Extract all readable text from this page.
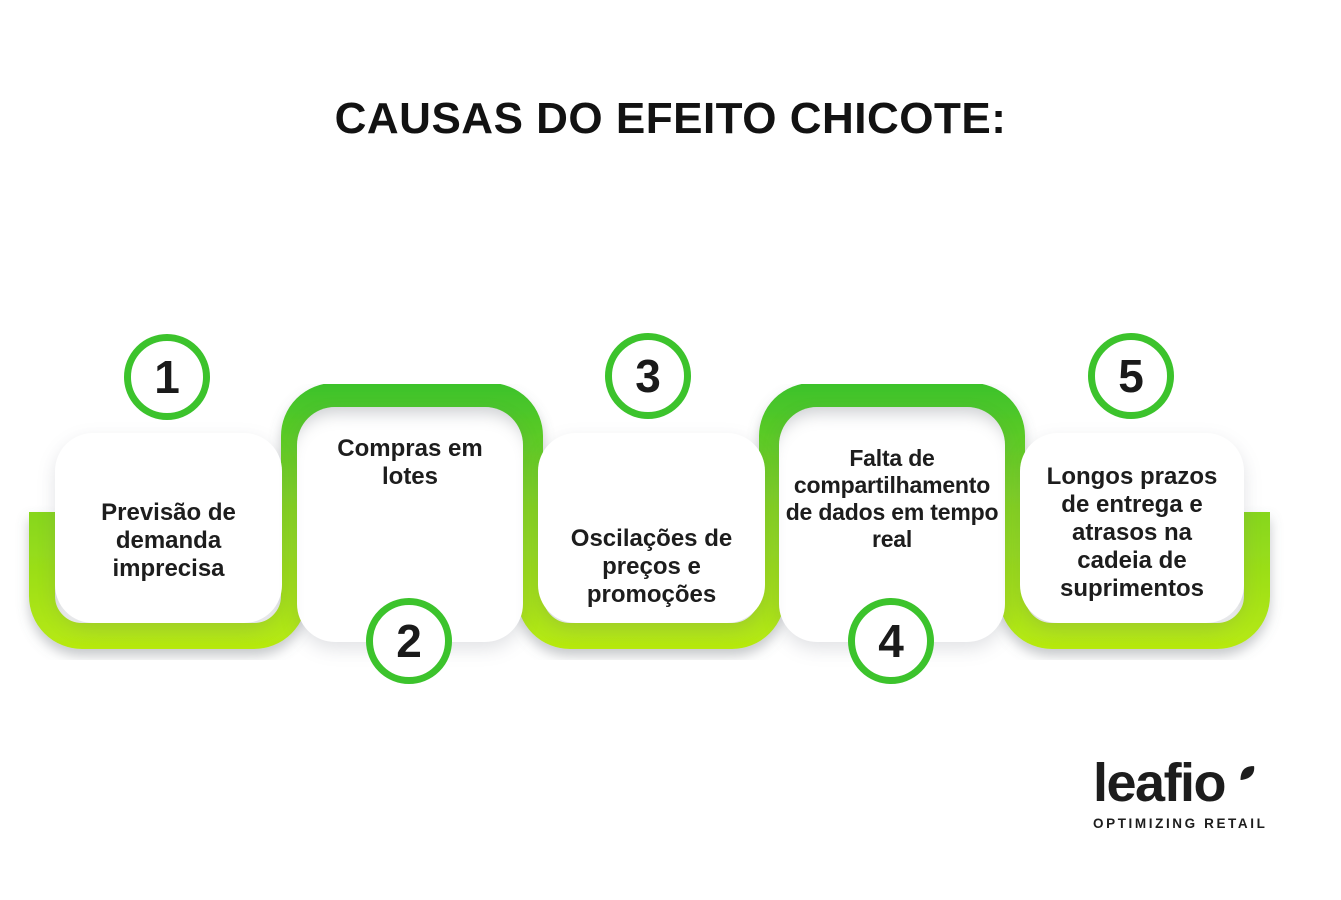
CAUSAS DO EFEITO CHICOTE:
Previsão de demanda imprecisa
Compras em lotes
Oscilações de preços e promoções
Falta de compartilhamento de dados em tempo real
Longos prazos de entrega e atrasos na cadeia de suprimentos
1
2
3
4
5
leafio
OPTIMIZING RETAIL
